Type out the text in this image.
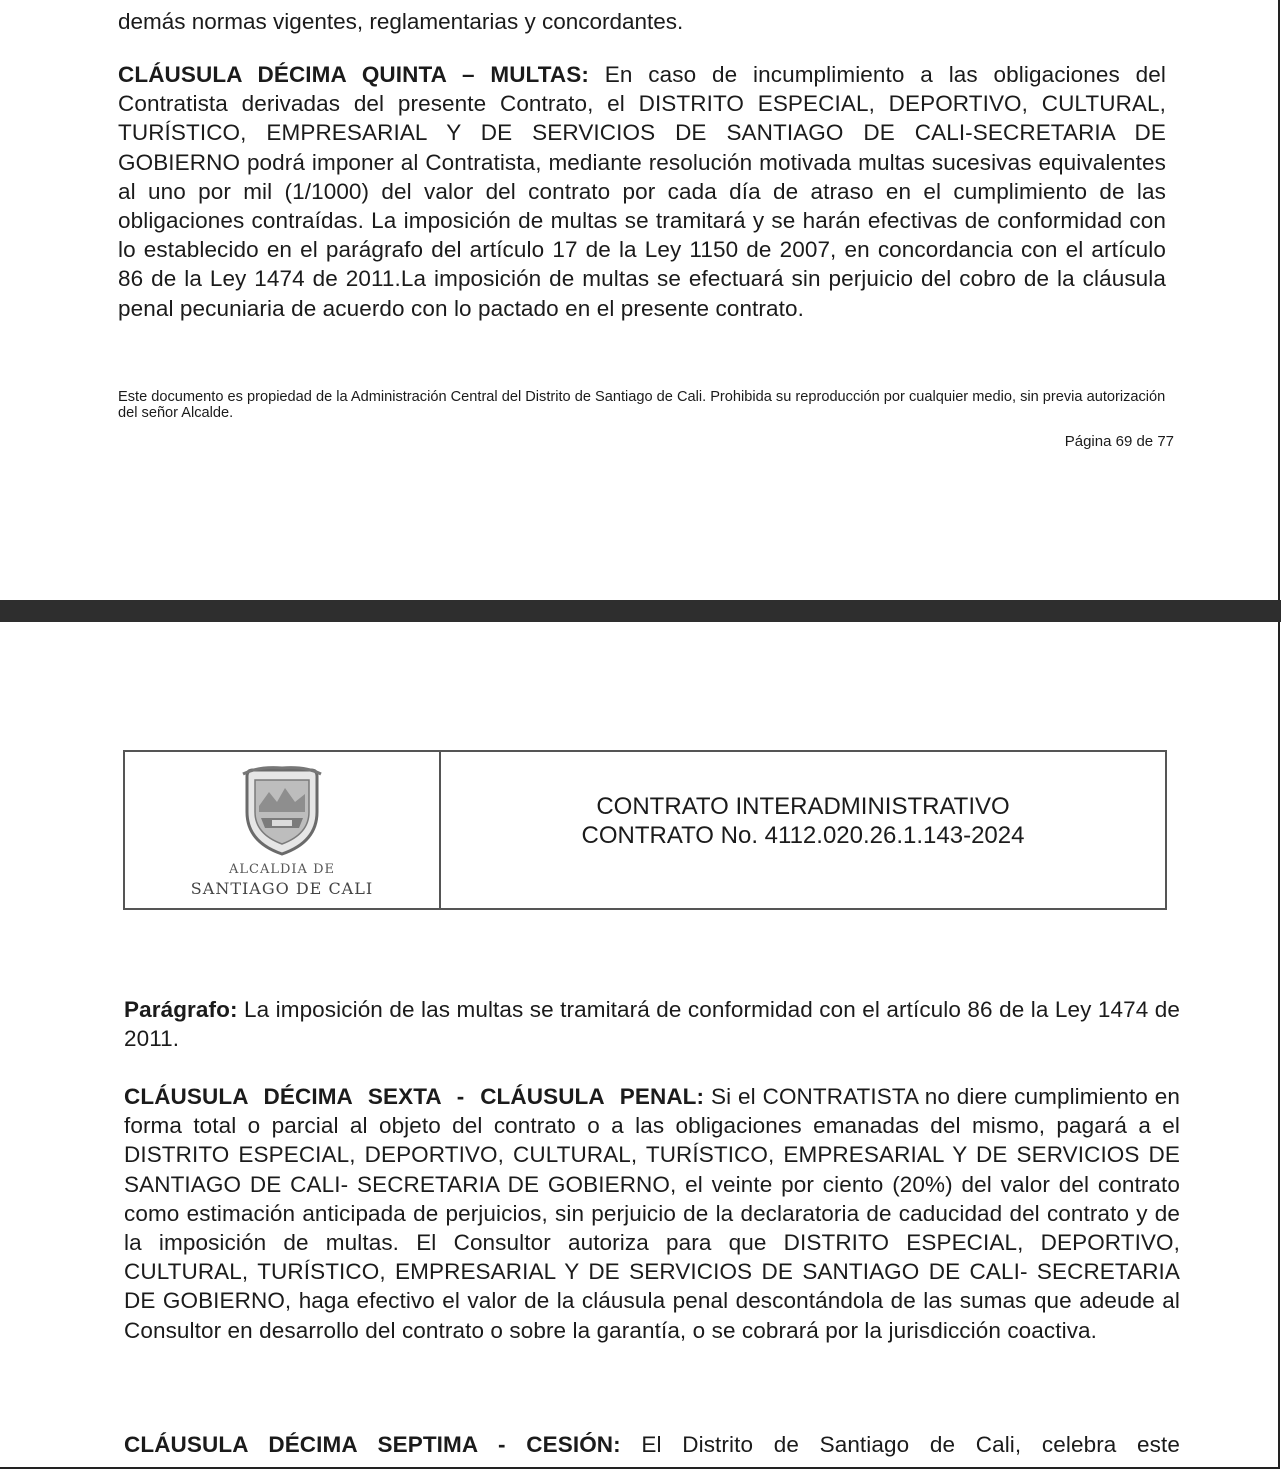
demás normas vigentes, reglamentarias y concordantes.

CLÁUSULA DÉCIMA QUINTA – MULTAS: En caso de incumplimiento a las obligaciones del Contratista derivadas del presente Contrato, el DISTRITO ESPECIAL, DEPORTIVO, CULTURAL, TURÍSTICO, EMPRESARIAL Y DE SERVICIOS DE SANTIAGO DE CALI-SECRETARIA DE GOBIERNO podrá imponer al Contratista, mediante resolución motivada multas sucesivas equivalentes al uno por mil (1/1000) del valor del contrato por cada día de atraso en el cumplimiento de las obligaciones contraídas. La imposición de multas se tramitará y se harán efectivas de conformidad con lo establecido en el parágrafo del artículo 17 de la Ley 1150 de 2007, en concordancia con el artículo 86 de la Ley 1474 de 2011.La imposición de multas se efectuará sin perjuicio del cobro de la cláusula penal pecuniaria de acuerdo con lo pactado en el presente contrato.

Este documento es propiedad de la Administración Central del Distrito de Santiago de Cali. Prohibida su reproducción por cualquier medio, sin previa autorización del señor Alcalde.

Página 69 de 77
ALCALDIA DE
SANTIAGO DE CALI
CONTRATO INTERADMINISTRATIVO
CONTRATO No. 4112.020.26.1.143-2024

Parágrafo: La imposición de las multas se tramitará de conformidad con el artículo 86 de la Ley 1474 de 2011.

CLÁUSULA DÉCIMA SEXTA - CLÁUSULA PENAL: Si el CONTRATISTA no diere cumplimiento en forma total o parcial al objeto del contrato o a las obligaciones emanadas del mismo, pagará a el DISTRITO ESPECIAL, DEPORTIVO, CULTURAL, TURÍSTICO, EMPRESARIAL Y DE SERVICIOS DE SANTIAGO DE CALI- SECRETARIA DE GOBIERNO, el veinte por ciento (20%) del valor del contrato como estimación anticipada de perjuicios, sin perjuicio de la declaratoria de caducidad del contrato y de la imposición de multas. El Consultor autoriza para que DISTRITO ESPECIAL, DEPORTIVO, CULTURAL, TURÍSTICO, EMPRESARIAL Y DE SERVICIOS DE SANTIAGO DE CALI- SECRETARIA DE GOBIERNO, haga efectivo el valor de la cláusula penal descontándola de las sumas que adeude al Consultor en desarrollo del contrato o sobre la garantía, o se cobrará por la jurisdicción coactiva.

CLÁUSULA DÉCIMA SEPTIMA - CESIÓN: El Distrito de Santiago de Cali, celebra este
